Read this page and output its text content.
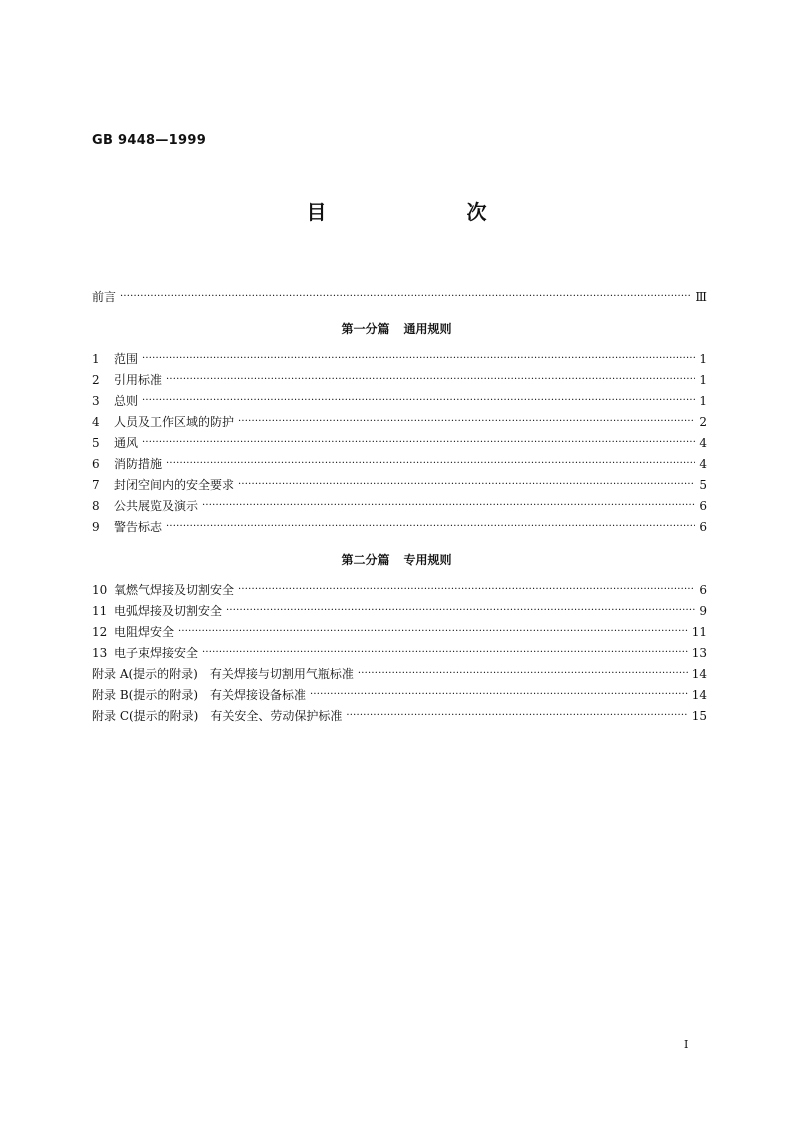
GB 9448—1999
目　次
前言 ·····	Ⅲ
第一分篇 通用规则
1	范围 ·····	1
2	引用标准 ·····	1
3	总则 ·····	1
4	人员及工作区域的防护 ·····	2
5	通风 ·····	4
6	消防措施 ·····	4
7	封闭空间内的安全要求 ·····	5
8	公共展览及演示 ·····	6
9	警告标志 ·····	6
第二分篇 专用规则
10 氧燃气焊接及切割安全 ·····	6
11 电弧焊接及切割安全 ·····	9
12 电阻焊安全 ·····	11
13 电子束焊接安全 ·····	13
附录 A(提示的附录)　有关焊接与切割用气瓶标准 ·····	14
附录 B(提示的附录)　有关焊接设备标准 ·····	14
附录 C(提示的附录)　有关安全、劳动保护标准 ·····	15
I
